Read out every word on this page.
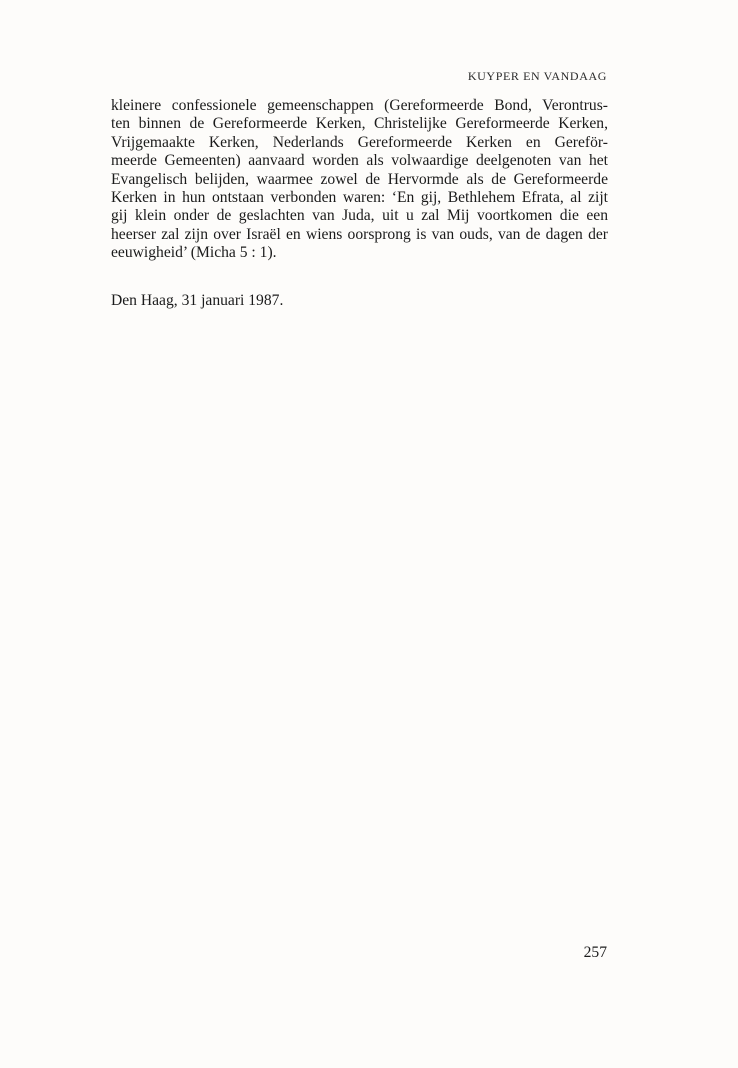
KUYPER EN VANDAAG

kleinere confessionele gemeenschappen (Gereformeerde Bond, Verontrus-
ten binnen de Gereformeerde Kerken, Christelijke Gereformeerde Kerken,
Vrijgemaakte Kerken, Nederlands Gereformeerde Kerken en Gereför-
meerde Gemeenten) aanvaard worden als volwaardige deelgenoten van het
Evangelisch belijden, waarmee zowel de Hervormde als de Gereformeerde
Kerken in hun ontstaan verbonden waren: ‘En gij, Bethlehem Efrata, al zijt
gij klein onder de geslachten van Juda, uit u zal Mij voortkomen die een
heerser zal zijn over Israël en wiens oorsprong is van ouds, van de dagen der
eeuwigheid’ (Micha 5 : 1).

Den Haag, 31 januari 1987.

257
